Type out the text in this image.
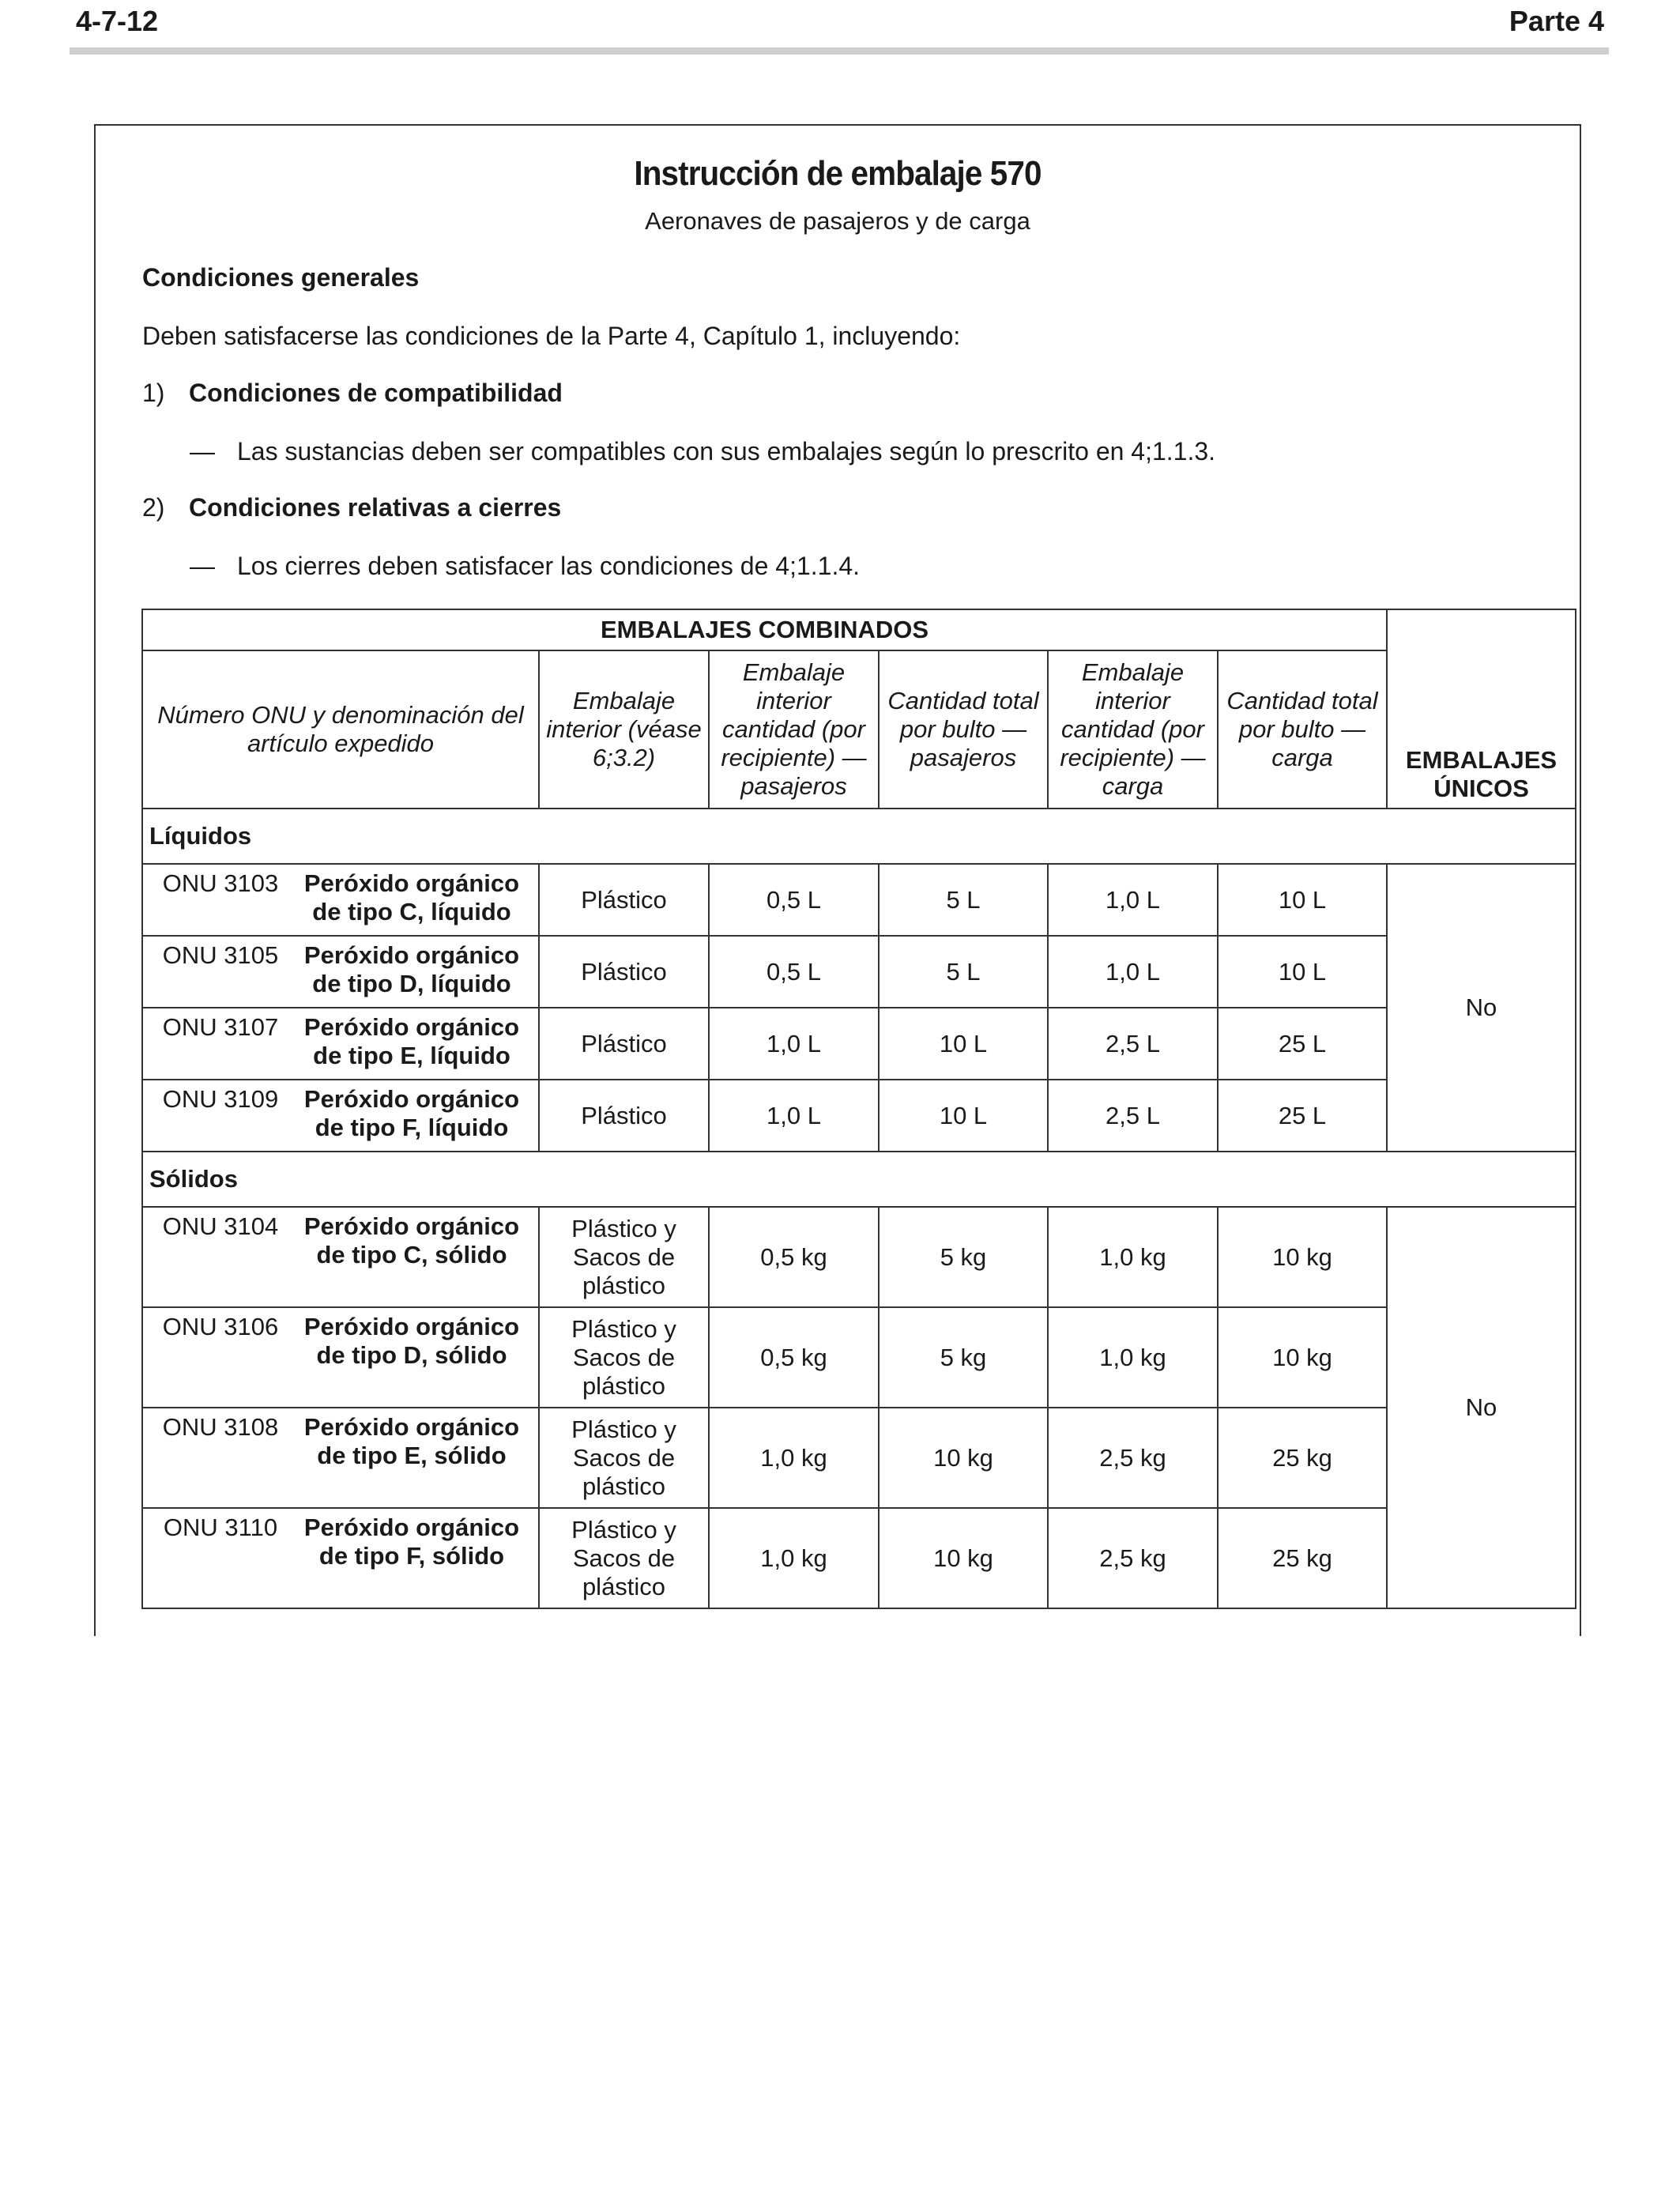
4-7-12	Parte 4
Instrucción de embalaje 570
Aeronaves de pasajeros y de carga
Condiciones generales
Deben satisfacerse las condiciones de la Parte 4, Capítulo 1, incluyendo:
1) Condiciones de compatibilidad
— Las sustancias deben ser compatibles con sus embalajes según lo prescrito en 4;1.1.3.
2) Condiciones relativas a cierres
— Los cierres deben satisfacer las condiciones de 4;1.1.4.
EMBALAJES COMBINADOS						EMBALAJES ÚNICOS
Número ONU y denominación del artículo expedido	Embalaje interior (véase 6;3.2)	Embalaje interior cantidad (por recipiente) — pasajeros	Cantidad total por bulto — pasajeros	Embalaje interior cantidad (por recipiente) — carga	Cantidad total por bulto — carga	
Líquidos						

ONU 3103 Peróxido orgánico de tipo C, líquido	Plástico	0,5 L	5 L	1,0 L	10 L	No

ONU 3105 Peróxido orgánico de tipo D, líquido	Plástico	0,5 L	5 L	1,0 L	10 L	

ONU 3107 Peróxido orgánico de tipo E, líquido	Plástico	1,0 L	10 L	2,5 L	25 L	

ONU 3109 Peróxido orgánico de tipo F, líquido	Plástico	1,0 L	10 L	2,5 L	25 L	
Sólidos						

ONU 3104 Peróxido orgánico de tipo C, sólido	Plástico y Sacos de plástico	0,5 kg	5 kg	1,0 kg	10 kg	No

ONU 3106 Peróxido orgánico de tipo D, sólido	Plástico y Sacos de plástico	0,5 kg	5 kg	1,0 kg	10 kg	

ONU 3108 Peróxido orgánico de tipo E, sólido	Plástico y Sacos de plástico	1,0 kg	10 kg	2,5 kg	25 kg	

ONU 3110 Peróxido orgánico de tipo F, sólido	Plástico y Sacos de plástico	1,0 kg	10 kg	2,5 kg	25 kg	
